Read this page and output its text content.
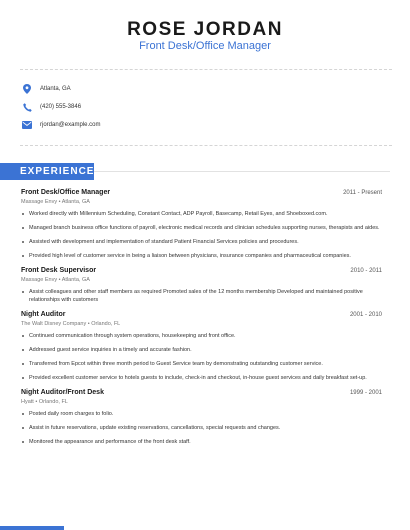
ROSE JORDAN
Front Desk/Office Manager
Atlanta, GA
(420) 555-3846
rjordan@example.com
EXPERIENCE
Front Desk/Office Manager	2011 - Present
Massage Envy • Atlanta, GA
Worked directly with Millennium Scheduling, Constant Contact, ADP Payroll, Basecamp, Retail Eyes, and Shoeboxed.com.
Managed branch business office functions of payroll, electronic medical records and clinician schedules supporting nurses, therapists and aides.
Assisted with development and implementation of standard Patient Financial Services policies and procedures.
Provided high level of customer service in being a liaison between physicians, insurance companies and pharmaceutical companies.
Front Desk Supervisor	2010 - 2011
Massage Envy • Atlanta, GA
Assist colleagues and other staff members as required Promoted sales of the 12 months membership Developed and maintained positive relationships with customers
Night Auditor	2001 - 2010
The Walt Disney Company • Orlando, FL
Continued communication through system operations, housekeeping and front office.
Addressed guest service inquiries in a timely and accurate fashion.
Transferred from Epcot within three month period to Guest Service team by demonstrating outstanding customer service.
Provided excellent customer service to hotels guests to include, check-in and checkout, in-house guest services and daily breakfast set-up.
Night Auditor/Front Desk	1999 - 2001
Hyatt • Orlando, FL
Posted daily room charges to folio.
Assist in future reservations, update existing reservations, cancellations, special requests and changes.
Monitored the appearance and performance of the front desk staff.
